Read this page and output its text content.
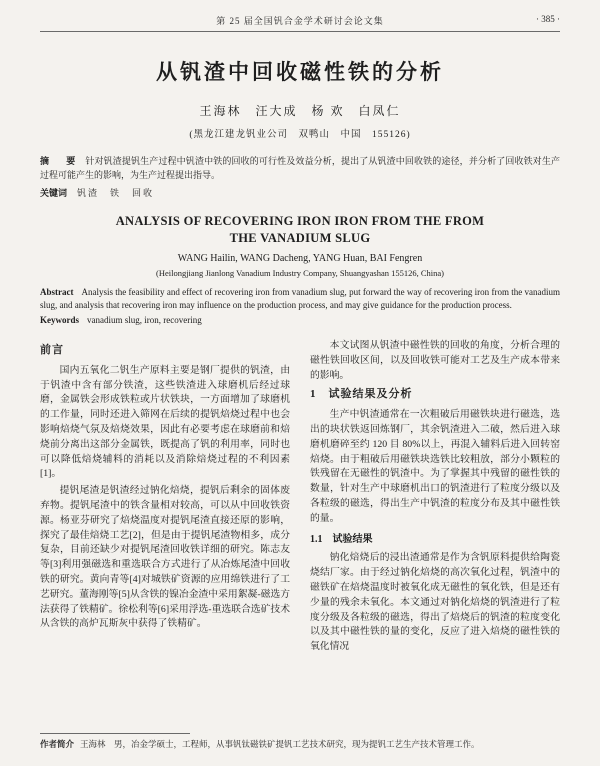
第 25 届全国钒合金学术研讨会论文集	· 385 ·
从钒渣中回收磁性铁的分析
王海林　汪大成　杨 欢　白凤仁
(黑龙江建龙钒业公司　双鸭山　中国　155126)
摘　要 针对钒渣提钒生产过程中钒渣中铁的回收的可行性及效益分析，提出了从钒渣中回收铁的途径，并分析了回收铁对生产过程可能产生的影响，为生产过程提出指导。
关键词 钒渣　铁　回收
ANALYSIS OF RECOVERING IRON IRON FROM THE FROM
THE VANADIUM SLUG
WANG Hailin, WANG Dacheng, YANG Huan, BAI Fengren
(Heilongjiang Jianlong Vanadium Industry Company, Shuangyashan 155126, China)
Abstract Analysis the feasibility and effect of recovering iron from vanadium slug, put forward the way of recovering iron from the vanadium slug, and analysis that recovering iron may influence on the production process, and may give guidance for the production process.
Keywords vanadium slug, iron, recovering
前言

国内五氧化二钒生产原料主要是钢厂提供的钒渣，由于钒渣中含有部分铁渣，这些铁渣进入球磨机后经过球磨，金属铁会形成铁粒或片状铁块，一方面增加了球磨机的工作量，同时还进入筛网在后续的提钒焙烧过程中也会影响焙烧气氛及焙烧效果，因此有必要考虑在球磨前和焙烧前分离出这部分金属铁，既提高了钒的利用率，同时也可以降低焙烧辅料的消耗以及消除焙烧过程的不利因素[1]。

提钒尾渣是钒渣经过钠化焙烧，提钒后剩余的固体废弃物。提钒尾渣中的铁含量相对较高，可以从中回收铁资源。杨亚芬研究了焙烧温度对提钒尾渣直接还原的影响，探究了最佳焙烧工艺[2]，但是由于提钒尾渣物相多，成分复杂，目前还缺少对提钒尾渣回收铁详细的研究。陈志友等[3]利用强磁选和重选联合方式进行了从冶炼尾渣中回收铁的研究。黄向青等[4]对城铁矿资源的应用绵铁进行了工艺研究。董海刚等[5]从含铁的镍冶金渣中采用絮凝-磁选方法获得了铁精矿。徐松利等[6]采用浮选-重选联合选矿技术从含铁的高炉瓦斯灰中获得了铁精矿。

本文试图从钒渣中磁性铁的回收的角度，分析合理的磁性铁回收区间，以及回收铁可能对工艺及生产成本带来的影响。

1　试验结果及分析

生产中钒渣通常在一次粗破后用磁铁块进行磁选，选出的块状铁返回炼钢厂，其余钒渣进入二破，然后进入球磨机磨碎至约 120 目 80%以上，再混入辅料后进入回转窑焙烧。由于粗破后用磁铁块选铁比较粗放，部分小颗粒的铁残留在无磁性的钒渣中。为了掌握其中残留的磁性铁的数量，针对生产中球磨机出口的钒渣进行了粒度分级以及各粒级的磁选，得出生产中钒渣的粒度分布及其中磁性铁的量。

1.1　试验结果

钠化焙烧后的浸出渣通常是作为含钒原料提供给陶瓷烧结厂家。由于经过钠化焙烧的高次氧化过程，钒渣中的磁铁矿在焙烧温度时被氧化成无磁性的氧化铁，但是还有少量的残余未氧化。本文通过对钠化焙烧的钒渣进行了粒度分级及各粒级的磁选，得出了焙烧后的钒渣的粒度变化以及其中磁性铁的量的变化，反应了进入焙烧的磁性铁的氧化情况

作者简介 王海林　男，冶金学硕士，工程师，从事钒钛磁铁矿提钒工艺技术研究，现为提钒工艺生产技术管理工作。
